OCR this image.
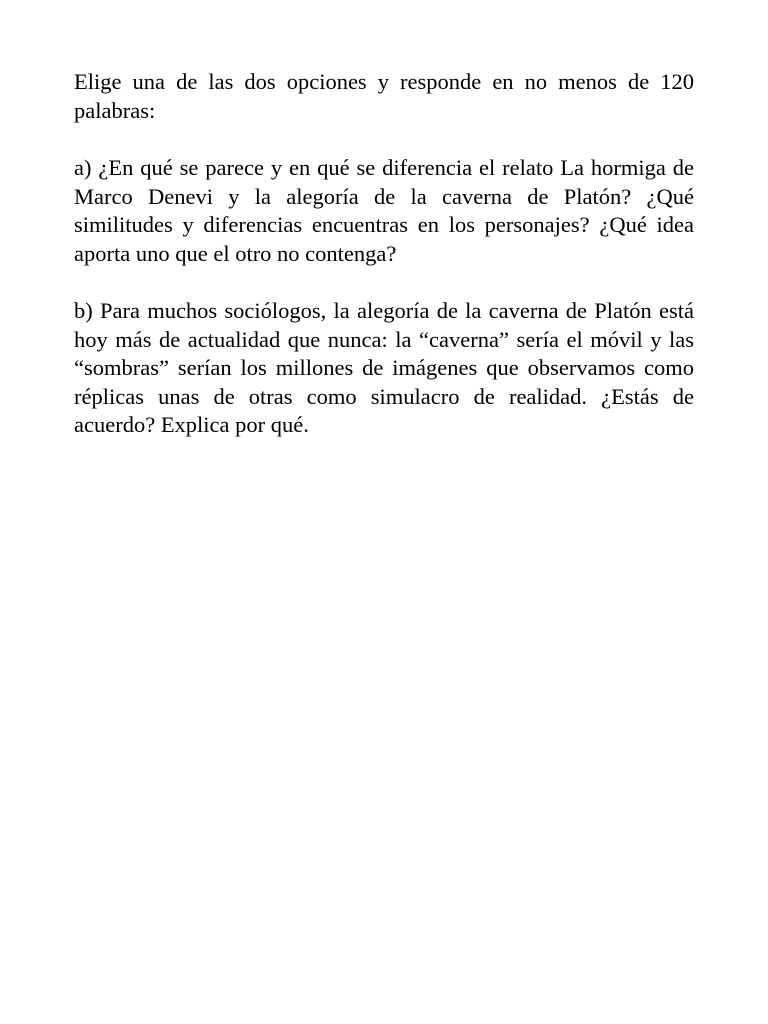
Elige una de las dos opciones y responde en no menos de 120 palabras:

a) ¿En qué se parece y en qué se diferencia el relato La hormiga de Marco Denevi y la alegoría de la caverna de Platón? ¿Qué similitudes y diferencias encuentras en los personajes? ¿Qué idea aporta uno que el otro no contenga?

b) Para muchos sociólogos, la alegoría de la caverna de Platón está hoy más de actualidad que nunca: la “caverna” sería el móvil y las “sombras” serían los millones de imágenes que observamos como réplicas unas de otras como simulacro de realidad. ¿Estás de acuerdo? Explica por qué.
